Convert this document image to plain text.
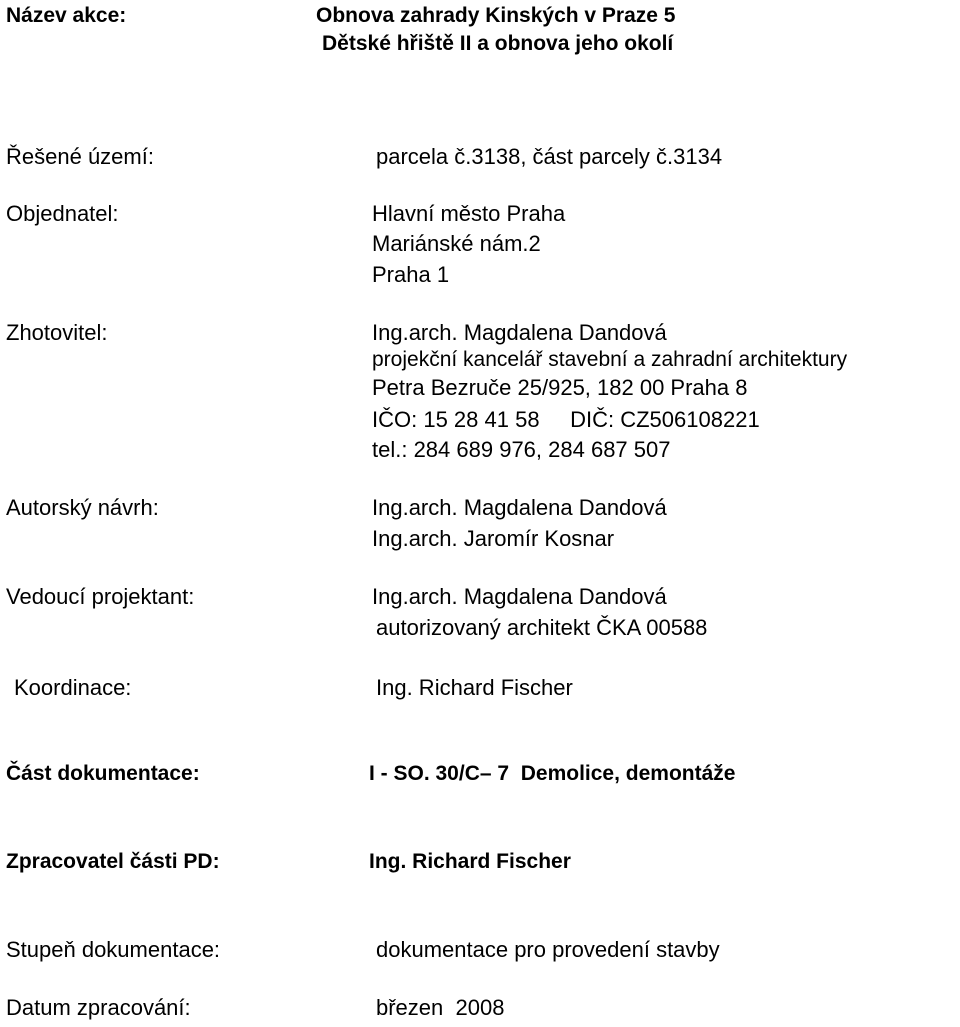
Název akce:	Obnova zahrady Kinských v Praze 5
Dětské hřiště II a obnova jeho okolí
Řešené území:	parcela č.3138, část parcely č.3134
Objednatel:	Hlavní město Praha
Mariánské nám.2
Praha 1
Zhotovitel:	Ing.arch. Magdalena Dandová
projekční kancelář stavební a zahradní architektury
Petra Bezruče 25/925, 182 00 Praha 8
IČO: 15 28 41 58     DIČ: CZ506108221
tel.: 284 689 976, 284 687 507
Autorský návrh:	Ing.arch. Magdalena Dandová
Ing.arch. Jaromír Kosnar
Vedoucí projektant:	Ing.arch. Magdalena Dandová
autorizovaný architekt ČKA 00588
Koordinace:	Ing. Richard Fischer
Část dokumentace:	I - SO. 30/C– 7  Demolice, demontáže
Zpracovatel části PD:	Ing. Richard Fischer
Stupeň dokumentace:	dokumentace pro provedení stavby
Datum zpracování:	březen  2008
